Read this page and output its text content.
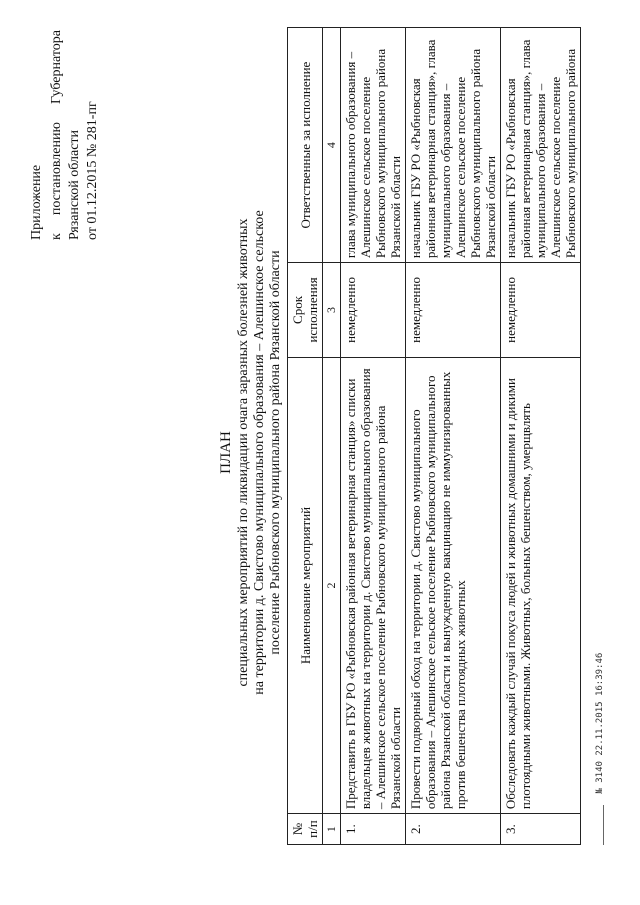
Приложение к
постановлению
Губернатора
Рязанской области от 01.12.2015 № 281-пг
ПЛАН специальных мероприятий по ликвидации очага заразных болезней животных на территории д. Свистово муниципального образования – Алешинское сельское поселение Рыбновского муниципального района Рязанской области
№ п/п	Наименование мероприятий	Срок исполнения	Ответственные за исполнение
1	2	3	4
1.	Представить в ГБУ РО «Рыбновская районная ветеринарная станция» списки владельцев животных на территории д. Свистово муниципального образования – Алешинское сельское поселение Рыбновского муниципального района Рязанской области	немедленно	глава муниципального образования – Алешинское сельское поселение Рыбновского муниципального района Рязанской области
2.	Провести подворный обход на территории д. Свистово муниципального образования – Алешинское сельское поселение Рыбновского муниципального района Рязанской области и вынужденную вакцинацию не иммунизированных против бешенства плотоядных животных	немедленно	начальник ГБУ РО «Рыбновская районная ветеринарная станция», глава муниципального образования – Алешинское сельское поселение Рыбновского муниципального района Рязанской области
3.	Обследовать каждый случай покуса людей и животных домашними и дикими плотоядными животными. Животных, больных бешенством, умерщвлять	немедленно	начальник ГБУ РО «Рыбновская районная ветеринарная станция», глава муниципального образования – Алешинское сельское поселение Рыбновского муниципального района
№ 3140 22.11.2015 16:39:46
